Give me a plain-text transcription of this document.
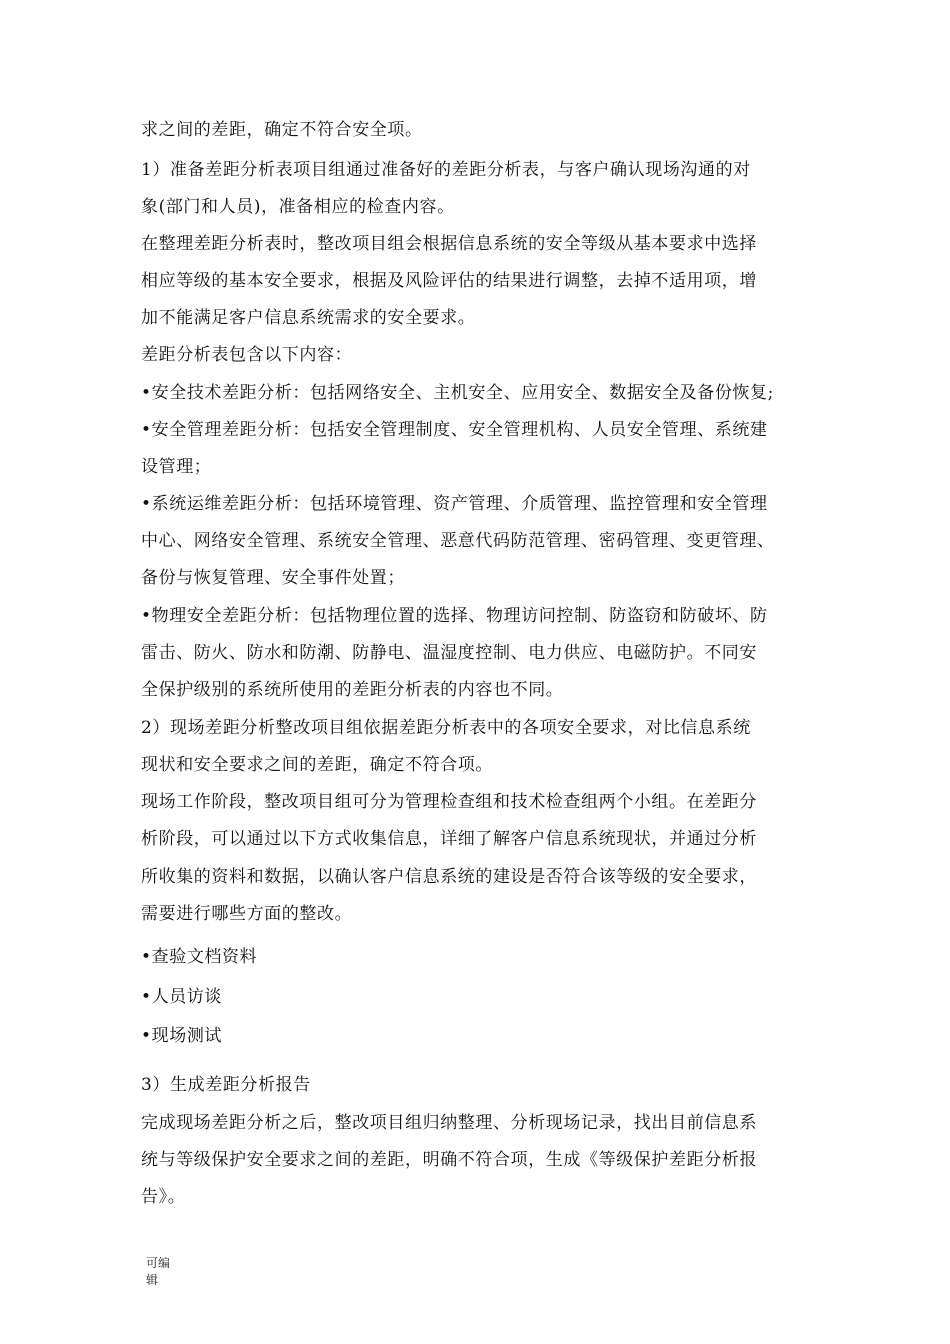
求之间的差距，确定不符合安全项。
1）准备差距分析表项目组通过准备好的差距分析表，与客户确认现场沟通的对
象(部门和人员)，准备相应的检查内容。
在整理差距分析表时，整改项目组会根据信息系统的安全等级从基本要求中选择
相应等级的基本安全要求，根据及风险评估的结果进行调整，去掉不适用项，增
加不能满足客户信息系统需求的安全要求。
差距分析表包含以下内容：
•安全技术差距分析：包括网络安全、主机安全、应用安全、数据安全及备份恢复;
•安全管理差距分析：包括安全管理制度、安全管理机构、人员安全管理、系统建
设管理；
•系统运维差距分析：包括环境管理、资产管理、介质管理、监控管理和安全管理
中心、网络安全管理、系统安全管理、恶意代码防范管理、密码管理、变更管理、
备份与恢复管理、安全事件处置；
•物理安全差距分析：包括物理位置的选择、物理访问控制、防盗窃和防破坏、防
雷击、防火、防水和防潮、防静电、温湿度控制、电力供应、电磁防护。不同安
全保护级别的系统所使用的差距分析表的内容也不同。
2）现场差距分析整改项目组依据差距分析表中的各项安全要求，对比信息系统
现状和安全要求之间的差距，确定不符合项。
现场工作阶段，整改项目组可分为管理检查组和技术检查组两个小组。在差距分
析阶段，可以通过以下方式收集信息，详细了解客户信息系统现状，并通过分析
所收集的资料和数据，以确认客户信息系统的建设是否符合该等级的安全要求，
需要进行哪些方面的整改。
•查验文档资料
•人员访谈
•现场测试
3）生成差距分析报告
完成现场差距分析之后，整改项目组归纳整理、分析现场记录，找出目前信息系
统与等级保护安全要求之间的差距，明确不符合项，生成《等级保护差距分析报
告》。
可编辑
